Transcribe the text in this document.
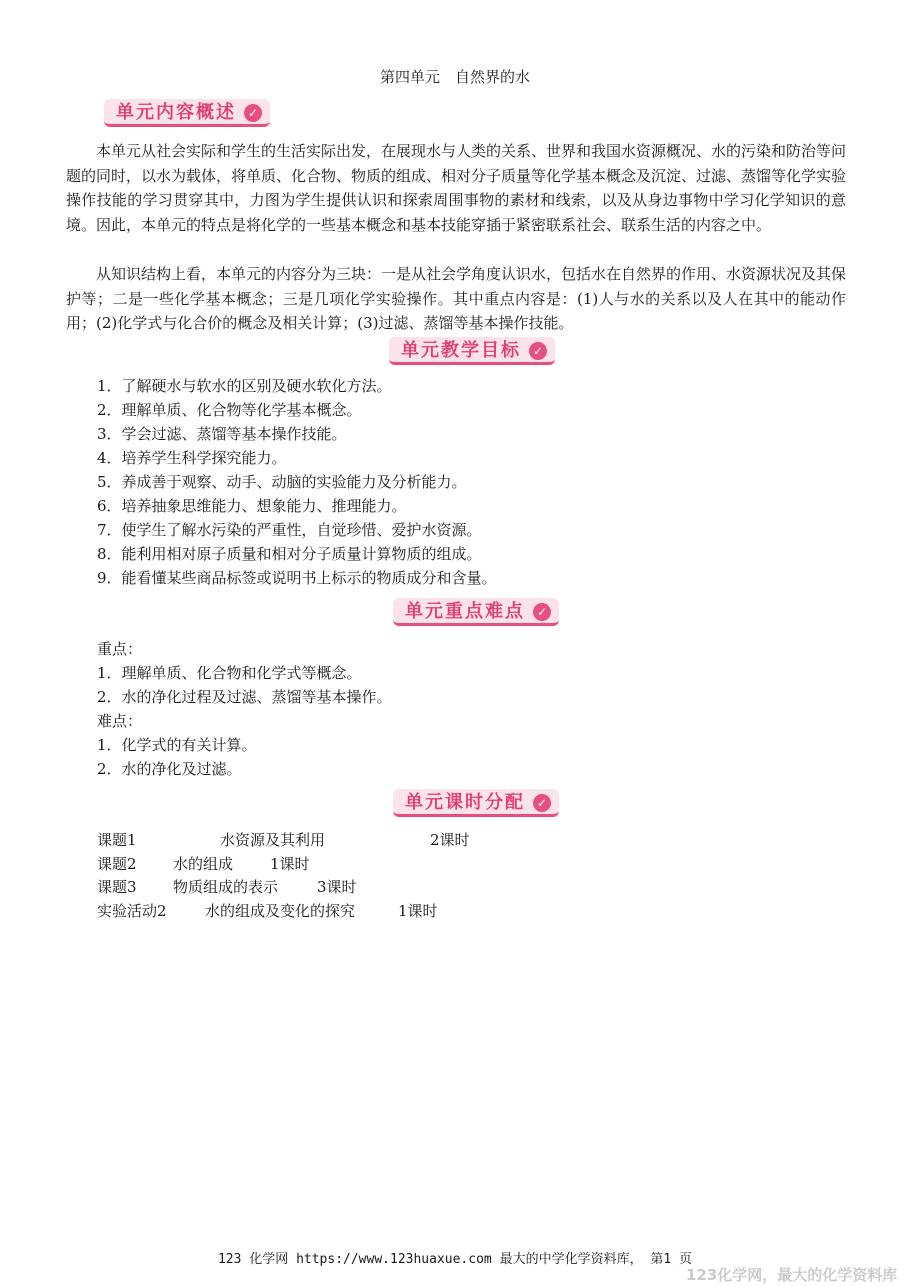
第四单元　自然界的水
单元内容概述 ✓
本单元从社会实际和学生的生活实际出发，在展现水与人类的关系、世界和我国水资源概况、水的污染和防治等问题的同时，以水为载体，将单质、化合物、物质的组成、相对分子质量等化学基本概念及沉淀、过滤、蒸馏等化学实验操作技能的学习贯穿其中，力图为学生提供认识和探索周围事物的素材和线索，以及从身边事物中学习化学知识的意境。因此，本单元的特点是将化学的一些基本概念和基本技能穿插于紧密联系社会、联系生活的内容之中。
从知识结构上看，本单元的内容分为三块：一是从社会学角度认识水，包括水在自然界的作用、水资源状况及其保护等；二是一些化学基本概念；三是几项化学实验操作。其中重点内容是：(1)人与水的关系以及人在其中的能动作用；(2)化学式与化合价的概念及相关计算；(3)过滤、蒸馏等基本操作技能。
单元教学目标 ✓
1．了解硬水与软水的区别及硬水软化方法。
2．理解单质、化合物等化学基本概念。
3．学会过滤、蒸馏等基本操作技能。
4．培养学生科学探究能力。
5．养成善于观察、动手、动脑的实验能力及分析能力。
6．培养抽象思维能力、想象能力、推理能力。
7．使学生了解水污染的严重性，自觉珍惜、爱护水资源。
8．能利用相对原子质量和相对分子质量计算物质的组成。
9．能看懂某些商品标签或说明书上标示的物质成分和含量。
单元重点难点 ✓
重点：
1．理解单质、化合物和化学式等概念。
2．水的净化过程及过滤、蒸馏等基本操作。
难点：
1．化学式的有关计算。
2．水的净化及过滤。
单元课时分配 ✓
课题1	水资源及其利用	2课时
课题2 水的组成 1课时
课题3 物质组成的表示	3课时
实验活动2	水的组成及变化的探究	1课时
123 化学网 https://www.123huaxue.com 最大的中学化学资料库， 第1 页
123化学网，最大的化学资料库
